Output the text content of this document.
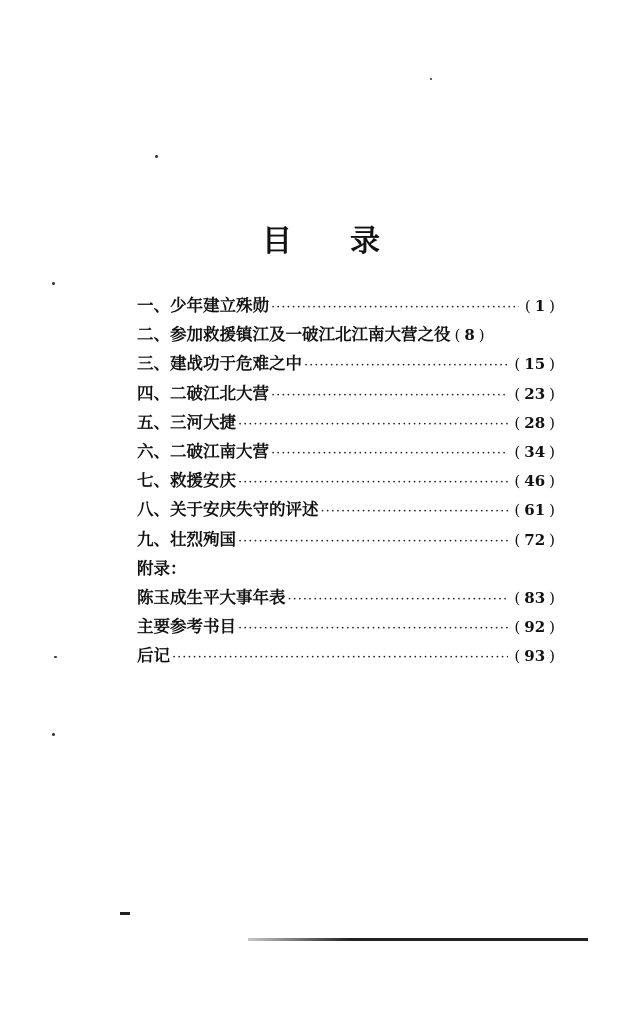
目 录
一、少年建立殊勋 ·····	( 1 )
二、参加救援镇江及一破江北江南大营之役 ( 8 )
三、建战功于危难之中 ·····	( 15 )
四、二破江北大营 ·····	( 23 )
五、三河大捷 ·····	( 28 )
六、二破江南大营 ·····	( 34 )
七、救援安庆 ·····	( 46 )
八、关于安庆失守的评述 ·····	( 61 )
九、壮烈殉国 ·····	( 72 )
附录：
陈玉成生平大事年表 ·····	( 83 )
主要参考书目 ·····	( 92 )
后记 ·····	( 93 )
